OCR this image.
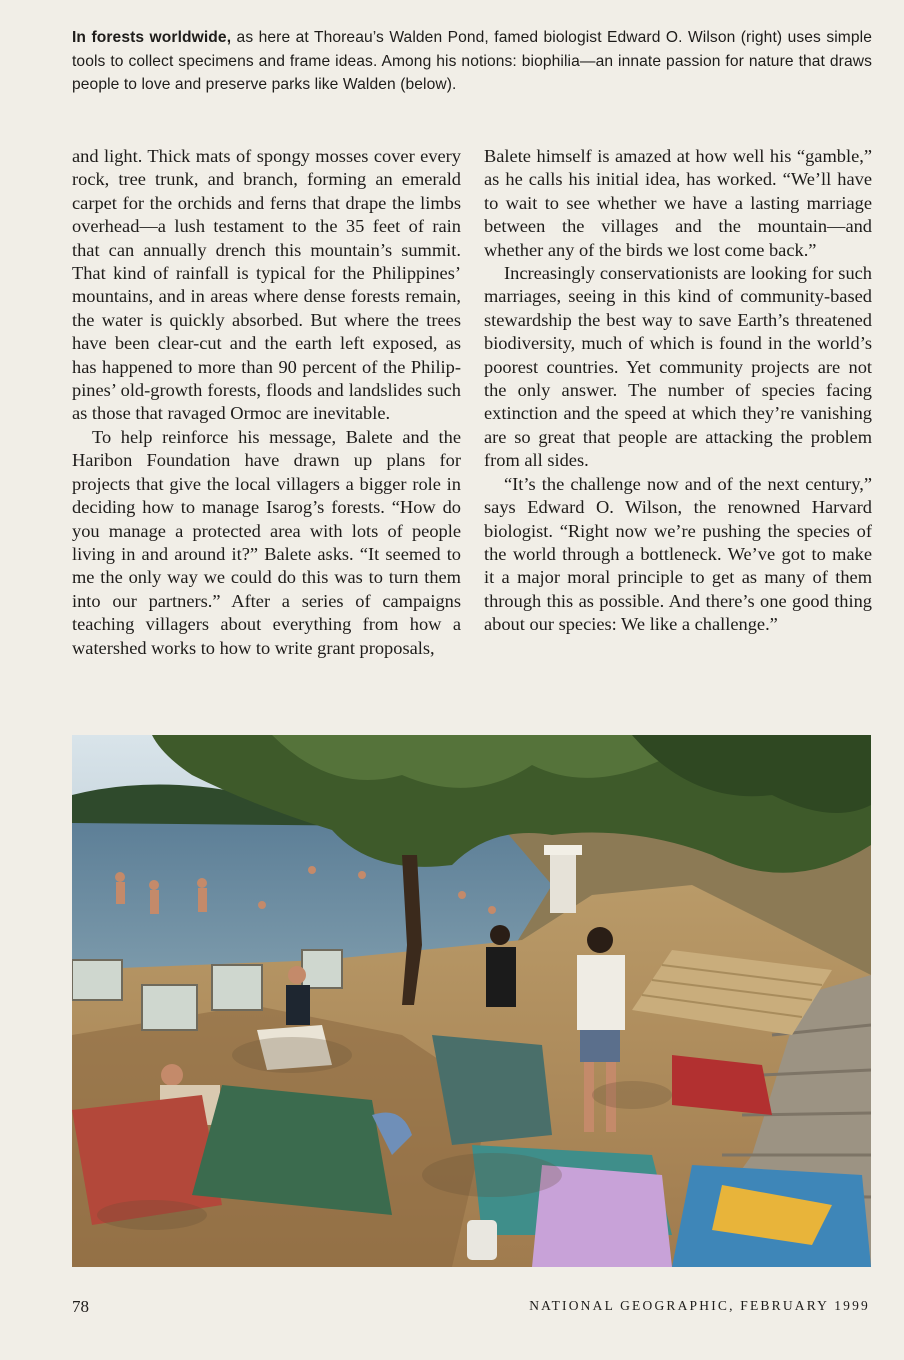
In forests worldwide, as here at Thoreau’s Walden Pond, famed biologist Edward O. Wilson (right) uses simple tools to collect specimens and frame ideas. Among his notions: biophilia—an innate passion for nature that draws people to love and preserve parks like Walden (below).

and light. Thick mats of spongy mosses cover every rock, tree trunk, and branch, forming an emerald carpet for the orchids and ferns that drape the limbs overhead—a lush testament to the 35 feet of rain that can annually drench this mountain’s summit. That kind of rainfall is typical for the Philippines’ mountains, and in areas where dense forests remain, the water is quickly absorbed. But where the trees have been clear-cut and the earth left exposed, as has happened to more than 90 percent of the Philippines’ old-growth forests, floods and landslides such as those that ravaged Ormoc are inevitable.

To help reinforce his message, Balete and the Haribon Foundation have drawn up plans for projects that give the local villagers a bigger role in deciding how to manage Isarog’s forests. “How do you manage a protected area with lots of people living in and around it?” Balete asks. “It seemed to me the only way we could do this was to turn them into our partners.” After a series of campaigns teaching villagers about everything from how a watershed works to how to write grant proposals,

Balete himself is amazed at how well his “gamble,” as he calls his initial idea, has worked. “We’ll have to wait to see whether we have a lasting marriage between the villages and the mountain—and whether any of the birds we lost come back.”

Increasingly conservationists are looking for such marriages, seeing in this kind of community-based stewardship the best way to save Earth’s threatened biodiversity, much of which is found in the world’s poorest countries. Yet community projects are not the only answer. The number of species facing extinction and the speed at which they’re vanishing are so great that people are attacking the problem from all sides.

“It’s the challenge now and of the next century,” says Edward O. Wilson, the renowned Harvard biologist. “Right now we’re pushing the species of the world through a bottleneck. We’ve got to make it a major moral principle to get as many of them through this as possible. And there’s one good thing about our species: We like a challenge.”

78	NATIONAL GEOGRAPHIC, FEBRUARY 1999
